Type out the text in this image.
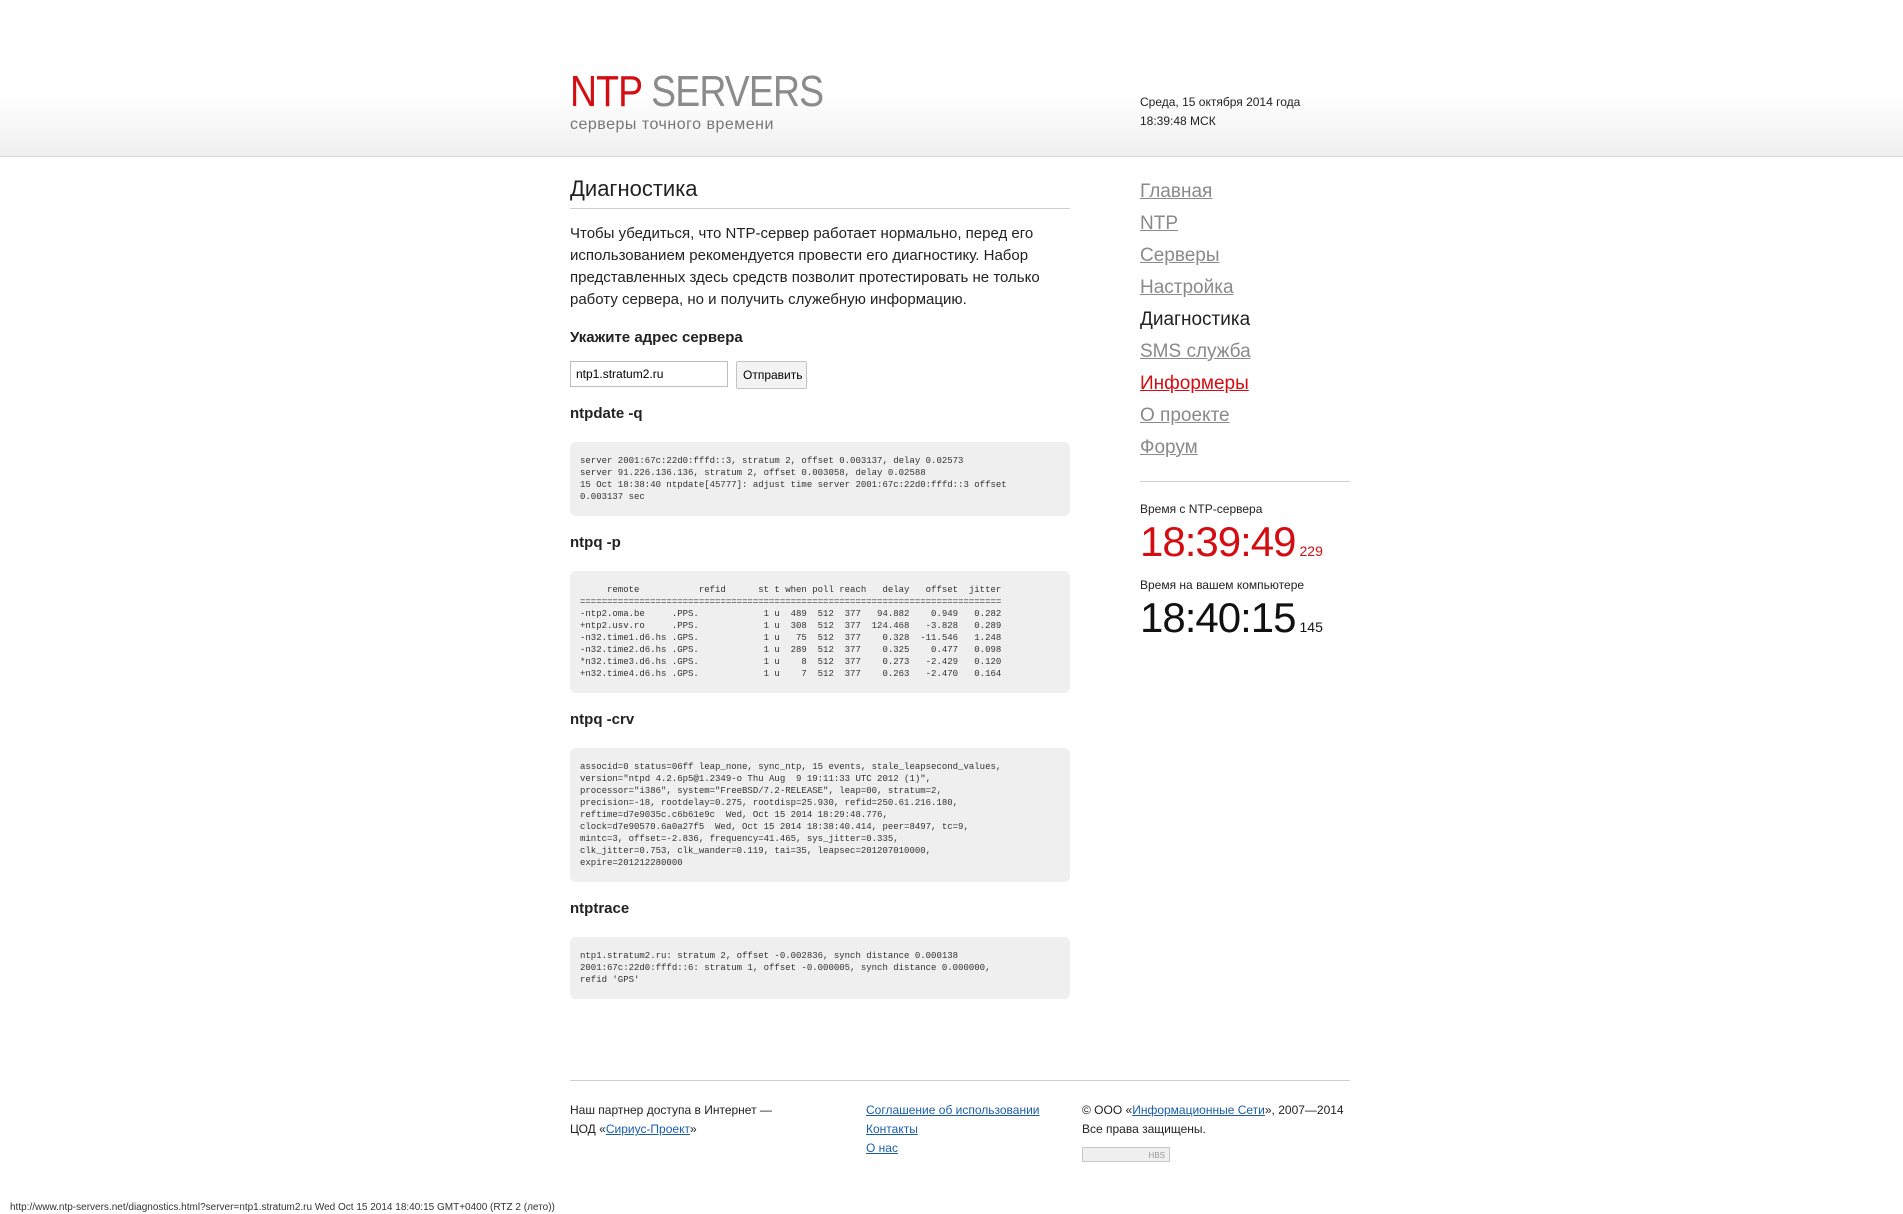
NTP SERVERS
серверы точного времени
Среда, 15 октября 2014 года
18:39:48 МСК
Диагностика

Чтобы убедиться, что NTP-сервер работает нормально, перед его использованием рекомендуется провести его диагностику. Набор представленных здесь средств позволит протестировать не только работу сервера, но и получить служебную информацию.

Укажите адрес сервера
ntp1.stratum2.ru
Отправить
ntpdate -q
server 2001:67c:22d0:fffd::3, stratum 2, offset 0.003137, delay 0.02573
server 91.226.136.136, stratum 2, offset 0.003058, delay 0.02588
15 Oct 18:38:40 ntpdate[45777]: adjust time server 2001:67c:22d0:fffd::3 offset
0.003137 sec
ntpq -p
remote           refid      st t when poll reach   delay   offset  jitter
==============================================================================
-ntp2.oma.be     .PPS.            1 u  489  512  377   94.882    0.949   0.282
+ntp2.usv.ro     .PPS.            1 u  308  512  377  124.468   -3.828   0.289
-n32.time1.d6.hs .GPS.            1 u   75  512  377    0.328  -11.546   1.248
-n32.time2.d6.hs .GPS.            1 u  289  512  377    0.325    0.477   0.098
*n32.time3.d6.hs .GPS.            1 u    8  512  377    0.273   -2.429   0.120
+n32.time4.d6.hs .GPS.            1 u    7  512  377    0.263   -2.470   0.164
ntpq -crv
associd=0 status=06ff leap_none, sync_ntp, 15 events, stale_leapsecond_values,
version="ntpd 4.2.6p5@1.2349-o Thu Aug  9 19:11:33 UTC 2012 (1)",
processor="i386", system="FreeBSD/7.2-RELEASE", leap=00, stratum=2,
precision=-18, rootdelay=0.275, rootdisp=25.930, refid=250.61.216.180,
reftime=d7e9035c.c6b61e9c  Wed, Oct 15 2014 18:29:48.776,
clock=d7e90570.6a0a27f5  Wed, Oct 15 2014 18:38:40.414, peer=8497, tc=9,
mintc=3, offset=-2.836, frequency=41.465, sys_jitter=0.335,
clk_jitter=0.753, clk_wander=0.119, tai=35, leapsec=201207010000,
expire=201212280000
ntptrace
ntp1.stratum2.ru: stratum 2, offset -0.002836, synch distance 0.000138
2001:67c:22d0:fffd::6: stratum 1, offset -0.000005, synch distance 0.000000,
refid 'GPS'
Главная
NTP
Серверы
Настройка
Диагностика
SMS служба
Информеры
О проекте
Форум
Время с NTP-сервера
18:39:49 229
Время на вашем компьютере
18:40:15 145
Наш партнер доступа в Интернет —
ЦОД «Сириус-Проект»
Соглашение об использовании
Контакты
О нас
© ООО «Информационные Сети», 2007—2014
Все права защищены.
HBS
http://www.ntp-servers.net/diagnostics.html?server=ntp1.stratum2.ru Wed Oct 15 2014 18:40:15 GMT+0400 (RTZ 2 (лето))
